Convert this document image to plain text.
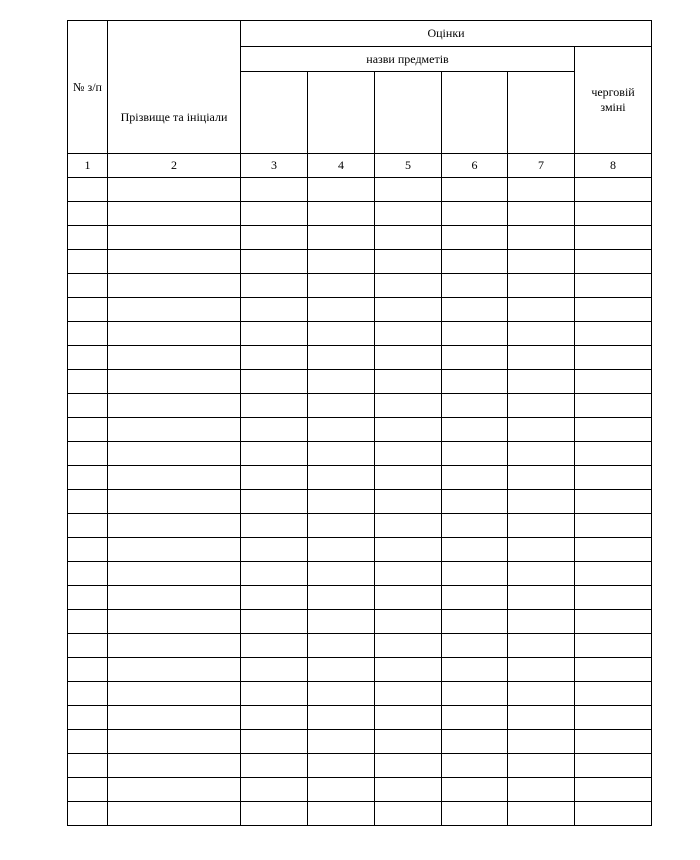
№ з/п	Прізвище та ініціали	Оцінки					
		назви предметів					черговій зміні

1	2	3	4	5	6	7	8
